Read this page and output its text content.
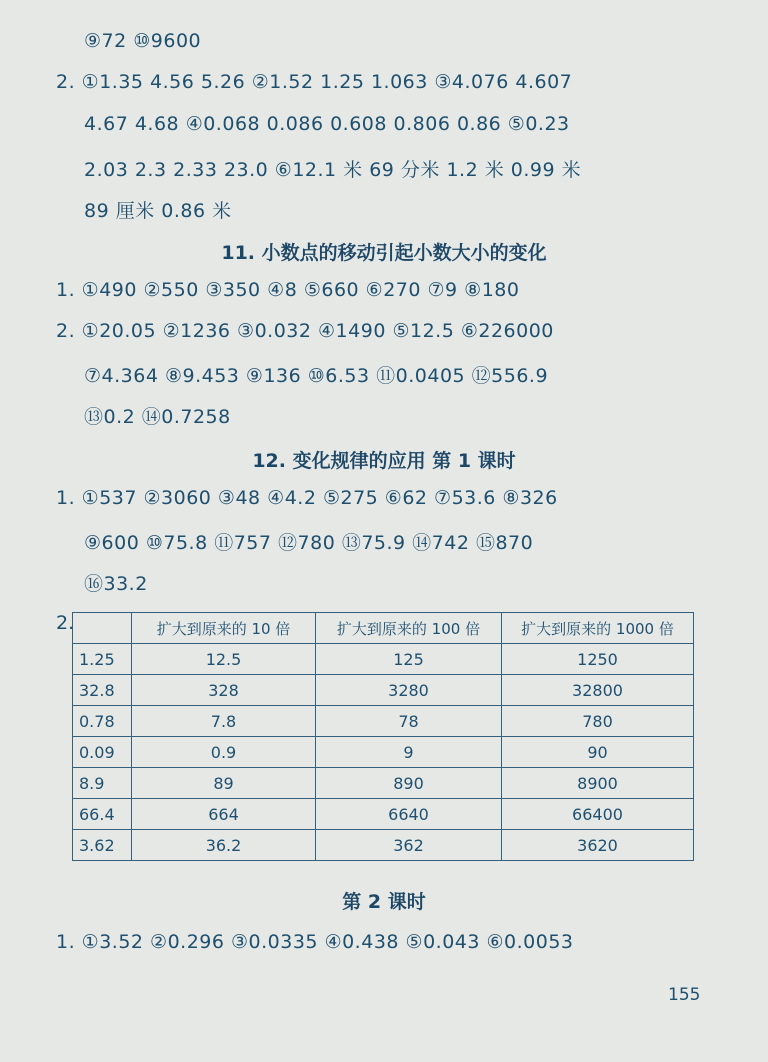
⑨72 ⑩9600
2. ①1.35 4.56 5.26 ②1.52 1.25 1.063 ③4.076 4.607
4.67 4.68 ④0.068 0.086 0.608 0.806 0.86 ⑤0.23
2.03 2.3 2.33 23.0 ⑥12.1 米 69 分米 1.2 米 0.99 米
89 厘米 0.86 米
11. 小数点的移动引起小数大小的变化
1. ①490 ②550 ③350 ④8 ⑤660 ⑥270 ⑦9 ⑧180
2. ①20.05 ②1236 ③0.032 ④1490 ⑤12.5 ⑥226000
⑦4.364 ⑧9.453 ⑨136 ⑩6.53 ⑪0.0405 ⑫556.9
⑬0.2 ⑭0.7258
12. 变化规律的应用 第 1 课时
1. ①537 ②3060 ③48 ④4.2 ⑤275 ⑥62 ⑦53.6 ⑧326
⑨600 ⑩75.8 ⑪757 ⑫780 ⑬75.9 ⑭742 ⑮870
⑯33.2
2.
		扩大到原来的 10 倍	扩大到原来的 100 倍	扩大到原来的 1000 倍
1.25	12.5	125	1250
32.8	328	3280	32800
0.78	7.8	78	780
0.09	0.9	9	90
8.9	89	890	8900
66.4	664	6640	66400
3.62	36.2	362	3620
第 2 课时
1. ①3.52 ②0.296 ③0.0335 ④0.438 ⑤0.043 ⑥0.0053
155
